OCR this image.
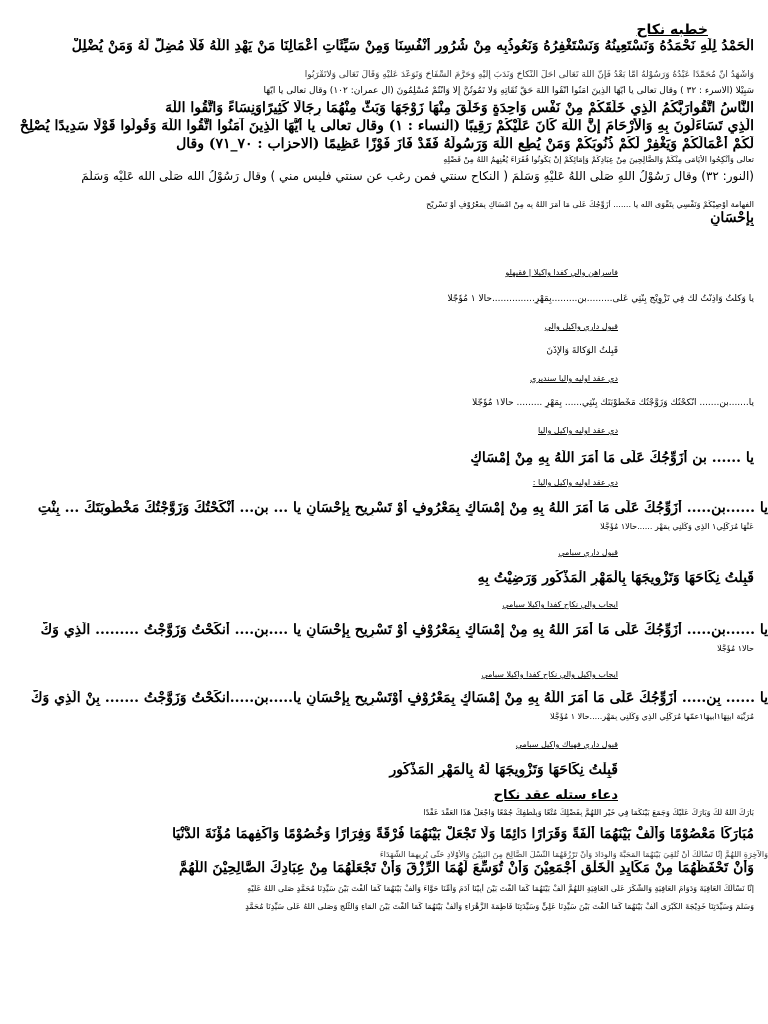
خطبه نكاح
الْحَمْدُ لِلَّهِ نَحْمَدُهُ وَنَسْتَعِينُهُ وَنَسْتَغْفِرُهُ وَنَعُوذُبِه مِنْ شُرُورِ أَنْفُسِنَا وَمِنْ سَيِّئَاتِ أَعْمَالِنَا مَنْ يَهْدِ اللَّهُ فَلَا مُضِلَّ لَهُ وَمَنْ يُضْلِلْ
وَأَشْهَدُ أَنَّ مُحَمَّدًا عَبْدُهُ وَرَسُوْلُهُ أَمَّا بَعْدُ فَإِنَّ اللهَ تَعَالَى أَحَلَّ النِّكَاحَ وَنَدَبَ إِلَيْهِ وَحَرَّمَ السِّفَاحَ وَتَوَعَّدَ عَلَيْهِ وَقَالَ تَعَالَى وَلَاتَقْرَبُوا
سَبِيْلًا (الاسرء : ٣٢ ) وقال تعالى يا أَيُّهَا الَّذِينَ آمَنُوا اتَّقُوا اللَّهَ حَقَّ تُقَاتِهِ وَلَا تَمُوتُنَّ إِلَّا وَأَنْتُمْ مُسْلِمُونَ (آل عمران: ١٠٢) وقال تعالى يا أَيُّهَا
النَّاسُ اتَّقُوارَبَّكُمُ الَّذِي خَلَقَكُمْ مِنْ نَفْسٍ وَاحِدَةٍ وَخَلَقَ مِنْهَا زَوْجَهَا وَبَثَّ مِنْهُمَا رِجَالًا كَثِيرًاوَنِسَاءً وَاتَّقُوا اللَّهَ
الَّذِي تَسَاءَلُونَ بِهِ وَالْأَرْحَامَ إِنَّ اللَّهَ كَانَ عَلَيْكُمْ رَقِيبًا (النساء : ١) وقال تعالى يا أَيُّهَا الَّذِينَ آمَنُوا اتَّقُوا اللَّهَ وَقُولُوا قَوْلًا سَدِيدًا يُصْلِحْ
لَكُمْ أَعْمَالَكُمْ وَيَغْفِرْ لَكُمْ ذُنُوبَكُمْ وَمَنْ يُطِعِ اللَّهَ وَرَسُولَهُ فَقَدْ فَازَ فَوْزًا عَظِيمًا (الاحزاب : ٧٠_٧١) وقال
تعالى وَأَنْكِحُوا الْأَيَامَى مِنْكُمْ وَالصَّالِحِينَ مِنْ عِبَادِكُمْ وَإِمَائِكُمْ إِنْ يَكُونُوا فُقَرَاءَ يُغْنِهِمُ اللَّهُ مِنْ فَضْلِهِ
(النور: ٣٢) وقال رَسُوْلُ اللهِ صَلَّى اللهُ عَلَيْهِ وَسَلَّمَ ( النكاح سنتي فمن رغب عن سنتي فليس مني ) وقال رَسُوْلُ الله صَلَّى الله عَلَيْه وَسَلَّمَ
الفهامة أُوْصِيْكُمْ وَنَفْسِي بِتَقْوَى الله يا ....... أُزَوِّجُكَ عَلَى مَا أَمَرَ اللهُ بِه مِنْ امْسَاكٍ بِمَعْرُوْفٍ أَوْ تَسْرِيْحٍ
بِإِحْسَانٍ
فاسراهن والي كفدا واكيلا | فقيهلو
يا وَكَّلْتُ وَأَذِنْتُ لَكَ فِي تَزْوِيْجِ بِنْتِي عَلَى.........بن.........بِمَهْرِ...............حالا ١ مُؤَجَّلًا
قبول داري واكيل والي
قَبِلْتُ الوَكَالَةَ وَالإِذْنَ
دي عقد اوليه واليا سنديري
يا.......بن....... أَنْكَحْتُكَ وَزَوَّجْتُكَ مَخْطُوْبَتَكَ بِنْتِي...... بِمَهْرٍ ......... حالا١ مُؤَجَّلًا
دي عقد اوليه واكيل واليا
يا ...... بن أُزَوِّجُكَ عَلَى مَا أَمَرَ اللَّهُ بِهِ مِنْ إِمْسَاكٍ
دي عقد اوليه واكيل واليا :
يا ......بن..... أُزَوِّجُكَ عَلَى مَا أَمَرَ اللهُ بِهِ مِنْ إِمْسَاكٍ بِمَعْرُوفٍ أَوْ تَسْرِيحٍ بِإِحْسَانٍ يا ... بن... أَنْكَحْتُكَ وَزَوَّجْتُكَ مَخْطُوبَتَكَ ... بِنْتِ
عَنْهَا مُرَكِّلِي١ الَّذِي وَكَّلَنِي بِمَهْرِ ......حالا١ مُؤَجَّلًا
قبول داري سبامي
قَبِلْتُ نِكَاحَهَا وَتَزْوِيجَهَا بِالْمَهْرِ الْمَذْكُورِ وَرَضِيْتُ بِهِ
ايجاب والي نكاح كفدا واكيلا سبامي
يا ......بن..... أُزَوِّجُكَ عَلَى مَا أَمَرَ اللهُ بِهِ مِنْ إِمْسَاكٍ بِمَعْرُوْفٍ أَوْ تَسْرِيحٍ بِإِحْسَانٍ يا ....بن.... أَنكَحْتُ وَزَوَّجْتُ ......... الَّذِي وَكَّ
حالا١ مُؤَجَّلًا
ايجاب واكيل والي نكاح كفدا واكيلا سبامي
يا ...... بِن..... أُزَوِّجُكَ عَلَى مَا أَمَرَ اللَّهُ بِهِ مِنْ إِمْسَاكٍ بِمَعْرُوْفٍ أَوْتَسْرِيحٍ بِإِحْسَانٍ يا.....بن.....انكَحْتُ وَزَوَّجْتُ ....... بِنْ الَّذِي وَكَّ
مُرَبِّيَة ابنِهَا١ابيهَا١عمّها مُرَكِّلِي الَّذِي وَكَّلَنِي بِمَهْرٍ.....حالا ١ مُؤَجَّلًا
قبول داري فهباك واكيل سبامي
قَبِلْتُ نِكَاحَهَا وَتَزْوِيجَهَا لَهُ بِالْمَهْرِ الْمَذْكُورِ
دعاء ستله عقد نكاح
بَارَكَ اللهُ لَكَ وَبَارَكَ عَلَيْكَ وَجَمَعَ بَيْنَكُمَا فِي خَيْرٍ اللَّهُمَّ بِفَضْلِكَ مُتْعًا وَبِلُطْفِكَ جُمْعًا وَاجْعَلْ هَذَا الْعَقْدَ عَقْدًا
مُبَارَكًا مَعْصُوْمًا وَأَلِّفْ بَيْنَهُمَا أُلْفَةً وَقَرَارًا دَائِمًا وَلَا تَجْعَلْ بَيْنَهُمَا فُرْقَةً وَفِرَارًا وَخُصُوْمًا وَاكْفِهِمَا مُؤْنَةَ الدُّنْيَا
وَالْآخِرَةِ اللَّهُمَّ إِنَّا نَسْأَلُكَ أَنْ تُلْقِيَ بَيْنَهُمَا الْمَحَبَّةَ وَالْوِدَادَ وَأَنْ تَرْزُقَهُمَا النَّسْلَ الصَّالِحَ مِنَ الْبَنِيْنَ وَالْأَوْلَادِ حَتَّى يُرِيهِمَا الشُّهَدَاءَ
وَأَنْ تَحْفَظَهُمَا مِنْ مَكَايِدِ الْخَلْقِ أَجْمَعِيْنَ وَأَنْ تُوَسِّعَ لَهُمَا الرِّزْقَ وَأَنْ تَجْعَلَهُمَا مِنْ عِبَادِكَ الصَّالِحِيْنَ اللَّهُمَّ
إِنَّا نَسْأَلُكَ الْعَافِيَةَ وَدَوَامَ الْعَافِيَةِ وَالشُّكْرَ عَلَى الْعَافِيَةِ اللَّهُمَّ أَلِّفْ بَيْنَهُمَا كَمَا أَلَّفْتَ بَيْنَ أَبِيْنَا آدَمَ وَأُمِّنَا حَوَّاءَ وَأَلِّفْ بَيْنَهُمَا كَمَا أَلَّفْتَ بَيْنَ سَيِّدِنَا مُحَمَّدٍ صَلَّى اللهُ عَلَيْهِ
وَسَلَّمَ وَسَيِّدَتِنَا خَدِيْجَةَ الْكُبْرَى أَلِّفْ بَيْنَهُمَا كَمَا أَلَّفْتَ بَيْنَ سَيِّدِنَا عَلِيٍّ وَسَيِّدَتِنَا فَاطِمَةَ الزَّهْرَاءِ وَأَلِّفْ بَيْنَهُمَا كَمَا أَلَّفْتَ بَيْنَ الْمَاءِ وَالثَّلْجِ وَصَلَّى اللهُ عَلَى سَيِّدِنَا مُحَمَّدٍ
